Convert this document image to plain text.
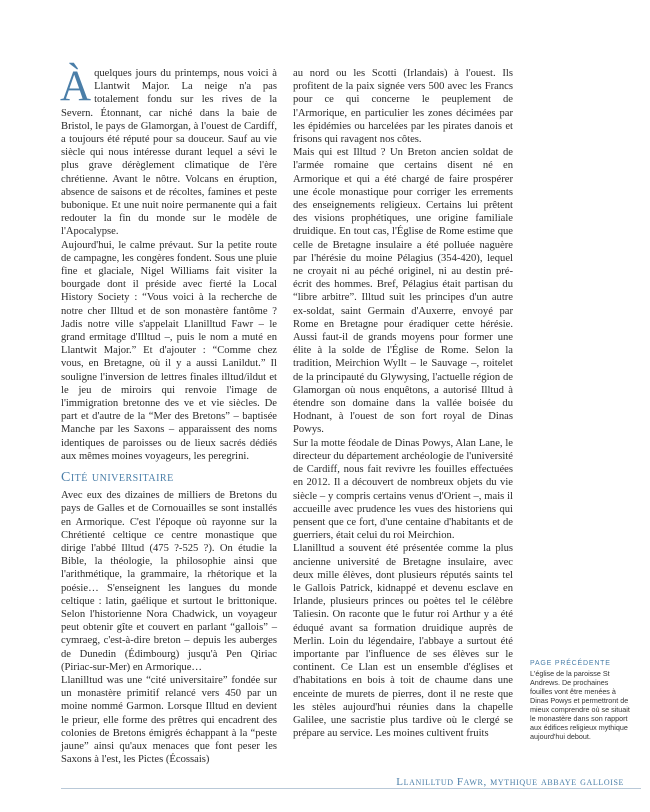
Àquelques jours du printemps, nous voici à Llantwit Major. La neige n'a pas totalement fondu sur les rives de la Severn. Étonnant, car niché dans la baie de Bristol, le pays de Glamorgan, à l'ouest de Cardiff, a toujours été réputé pour sa douceur. Sauf au vie siècle qui nous intéresse durant lequel a sévi le plus grave dérèglement climatique de l'ère chrétienne. Avant le nôtre. Volcans en éruption, absence de saisons et de récoltes, famines et peste bubonique. Et une nuit noire permanente qui a fait redouter la fin du monde sur le modèle de l'Apocalypse.

Aujourd'hui, le calme prévaut. Sur la petite route de campagne, les congères fondent. Sous une pluie fine et glaciale, Nigel Williams fait visiter la bourgade dont il préside avec fierté la Local History Society : “Vous voici à la recherche de notre cher Illtud et de son monastère fantôme ? Jadis notre ville s'appelait Llanilltud Fawr – le grand ermitage d'Illtud –, puis le nom a muté en Llantwit Major.” Et d'ajouter : “Comme chez vous, en Bretagne, où il y a aussi Lanildut.” Il souligne l'inversion de lettres finales illtud/ildut et le jeu de miroirs qui renvoie l'image de l'immigration bretonne des ve et vie siècles. De part et d'autre de la “Mer des Bretons” – baptisée Manche par les Saxons – apparaissent des noms identiques de paroisses ou de lieux sacrés dédiés aux mêmes moines voyageurs, les peregrini.

Cité universitaire

Avec eux des dizaines de milliers de Bretons du pays de Galles et de Cornouailles se sont installés en Armorique. C'est l'époque où rayonne sur la Chrétienté celtique ce centre monastique que dirige l'abbé Illtud (475 ?-525 ?). On étudie la Bible, la théologie, la philosophie ainsi que l'arithmétique, la grammaire, la rhétorique et la poésie… S'enseignent les langues du monde celtique : latin, gaélique et surtout le brittonique. Selon l'historienne Nora Chadwick, un voyageur peut obtenir gîte et couvert en parlant “gallois” – cymraeg, c'est-à-dire breton – depuis les auberges de Dunedin (Édimbourg) jusqu'à Pen Qiriac (Piriac-sur-Mer) en Armorique…

Llanilltud was une “cité universitaire” fondée sur un monastère primitif relancé vers 450 par un moine nommé Garmon. Lorsque Illtud en devient le prieur, elle forme des prêtres qui encadrent des colonies de Bretons émigrés échappant à la “peste jaune” ainsi qu'aux menaces que font peser les Saxons à l'est, les Pictes (Écossais)

au nord ou les Scotti (Irlandais) à l'ouest. Ils profitent de la paix signée vers 500 avec les Francs pour ce qui concerne le peuplement de l'Armorique, en particulier les zones décimées par les épidémies ou harcelées par les pirates danois et frisons qui ravagent nos côtes.

Mais qui est Illtud ? Un Breton ancien soldat de l'armée romaine que certains disent né en Armorique et qui a été chargé de faire prospérer une école monastique pour corriger les errements des enseignements religieux. Certains lui prêtent des visions prophétiques, une origine familiale druidique. En tout cas, l'Église de Rome estime que celle de Bretagne insulaire a été polluée naguère par l'hérésie du moine Pélagius (354-420), lequel ne croyait ni au péché originel, ni au destin pré-écrit des hommes. Bref, Pélagius était partisan du “libre arbitre”. Illtud suit les principes d'un autre ex-soldat, saint Germain d'Auxerre, envoyé par Rome en Bretagne pour éradiquer cette hérésie. Aussi faut-il de grands moyens pour former une élite à la solde de l'Église de Rome. Selon la tradition, Meirchion Wyllt – le Sauvage –, roitelet de la principauté du Glywysing, l'actuelle région de Glamorgan où nous enquêtons, a autorisé Illtud à étendre son domaine dans la vallée boisée du Hodnant, à l'ouest de son fort royal de Dinas Powys.

Sur la motte féodale de Dinas Powys, Alan Lane, le directeur du département archéologie de l'université de Cardiff, nous fait revivre les fouilles effectuées en 2012. Il a découvert de nombreux objets du vie siècle – y compris certains venus d'Orient –, mais il accueille avec prudence les vues des historiens qui pensent que ce fort, d'une centaine d'habitants et de guerriers, était celui du roi Meirchion.

Llanilltud a souvent été présentée comme la plus ancienne université de Bretagne insulaire, avec deux mille élèves, dont plusieurs réputés saints tel le Gallois Patrick, kidnappé et devenu esclave en Irlande, plusieurs princes ou poètes tel le célèbre Taliesin. On raconte que le futur roi Arthur y a été éduqué avant sa formation druidique auprès de Merlin. Loin du légendaire, l'abbaye a surtout été importante par l'influence de ses élèves sur le continent. Ce Llan est un ensemble d'églises et d'habitations en bois à toit de chaume dans une enceinte de murets de pierres, dont il ne reste que les stèles aujourd'hui réunies dans la chapelle Galilee, une sacristie plus tardive où le clergé se prépare au service. Les moines cultivent fruits

PAGE PRÉCÉDENTE
L'église de la paroisse St Andrews. De prochaines fouilles vont être menées à Dinas Powys et permettront de mieux comprendre où se situait le monastère dans son rapport aux édifices religieux mythique aujourd'hui debout.
Llanilltud Fawr, mythique abbaye galloise
